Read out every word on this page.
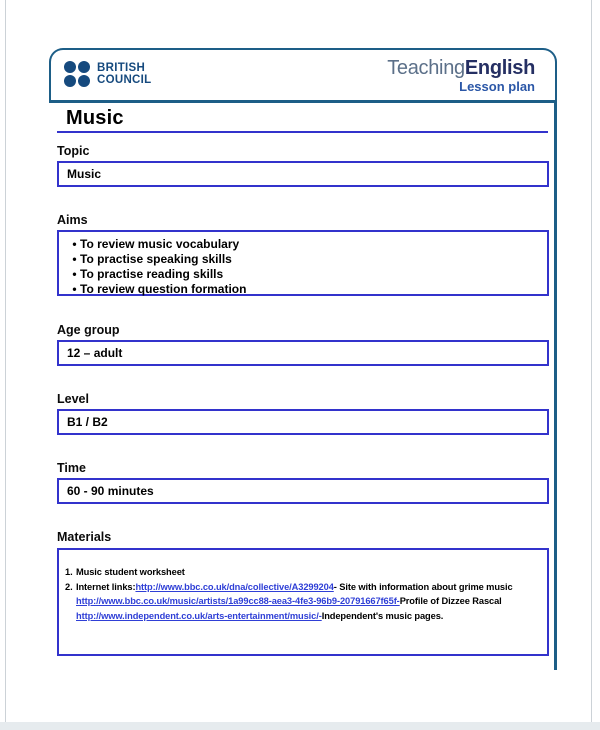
BRITISH
COUNCIL
TeachingEnglish
Lesson plan
Music
Topic
Music
Aims
• To review music vocabulary
• To practise speaking skills
• To practise reading skills
• To review question formation
Age group
12 – adult
Level
B1 / B2
Time
60 - 90 minutes
Materials
1. Music student worksheet
2. Internet links: http://www.bbc.co.uk/dna/collective/A3299204 - Site with information about grime music
http://www.bbc.co.uk/music/artists/1a99cc88-aea3-4fe3-96b9-20791667f65f- Profile of Dizzee Rascal
http://www.independent.co.uk/arts-entertainment/music/- Independent's music pages.
